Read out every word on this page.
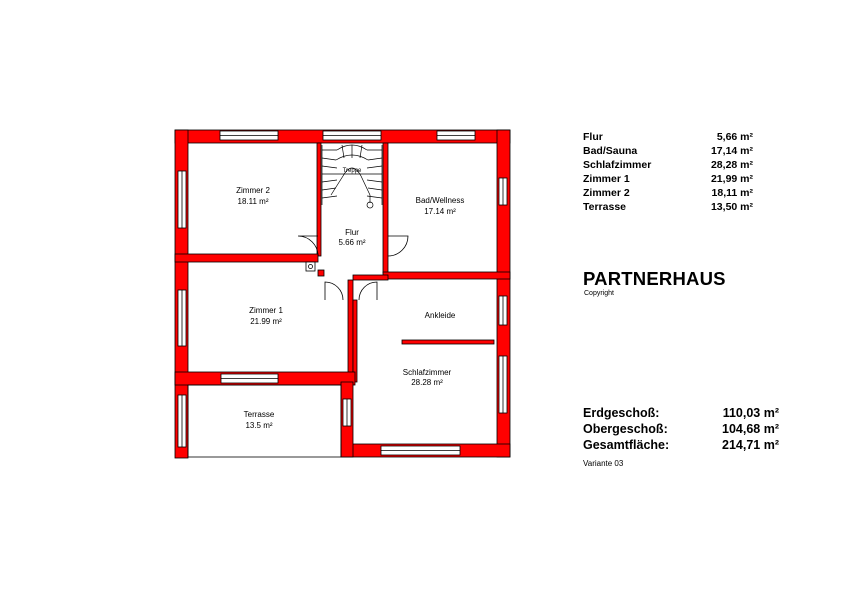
Treppe
Zimmer 2
18.11 m²	Bad/Wellness
17.14 m²
Flur
5.66 m²
Zimmer 1
21.99 m²
Ankleide
Schlafzimmer
28.28 m²
Terrasse
13.5 m²
Flur	5,66 m²
Bad/Sauna	17,14 m²
Schlafzimmer	28,28 m²
Zimmer 1	21,99 m²
Zimmer 2	18,11 m²
Terrasse	13,50 m²
PARTNERHAUS
Copyright
Erdgeschoß:	110,03 m²
Obergeschoß:	104,68 m²
Gesamtfläche:	214,71 m²
Variante 03
